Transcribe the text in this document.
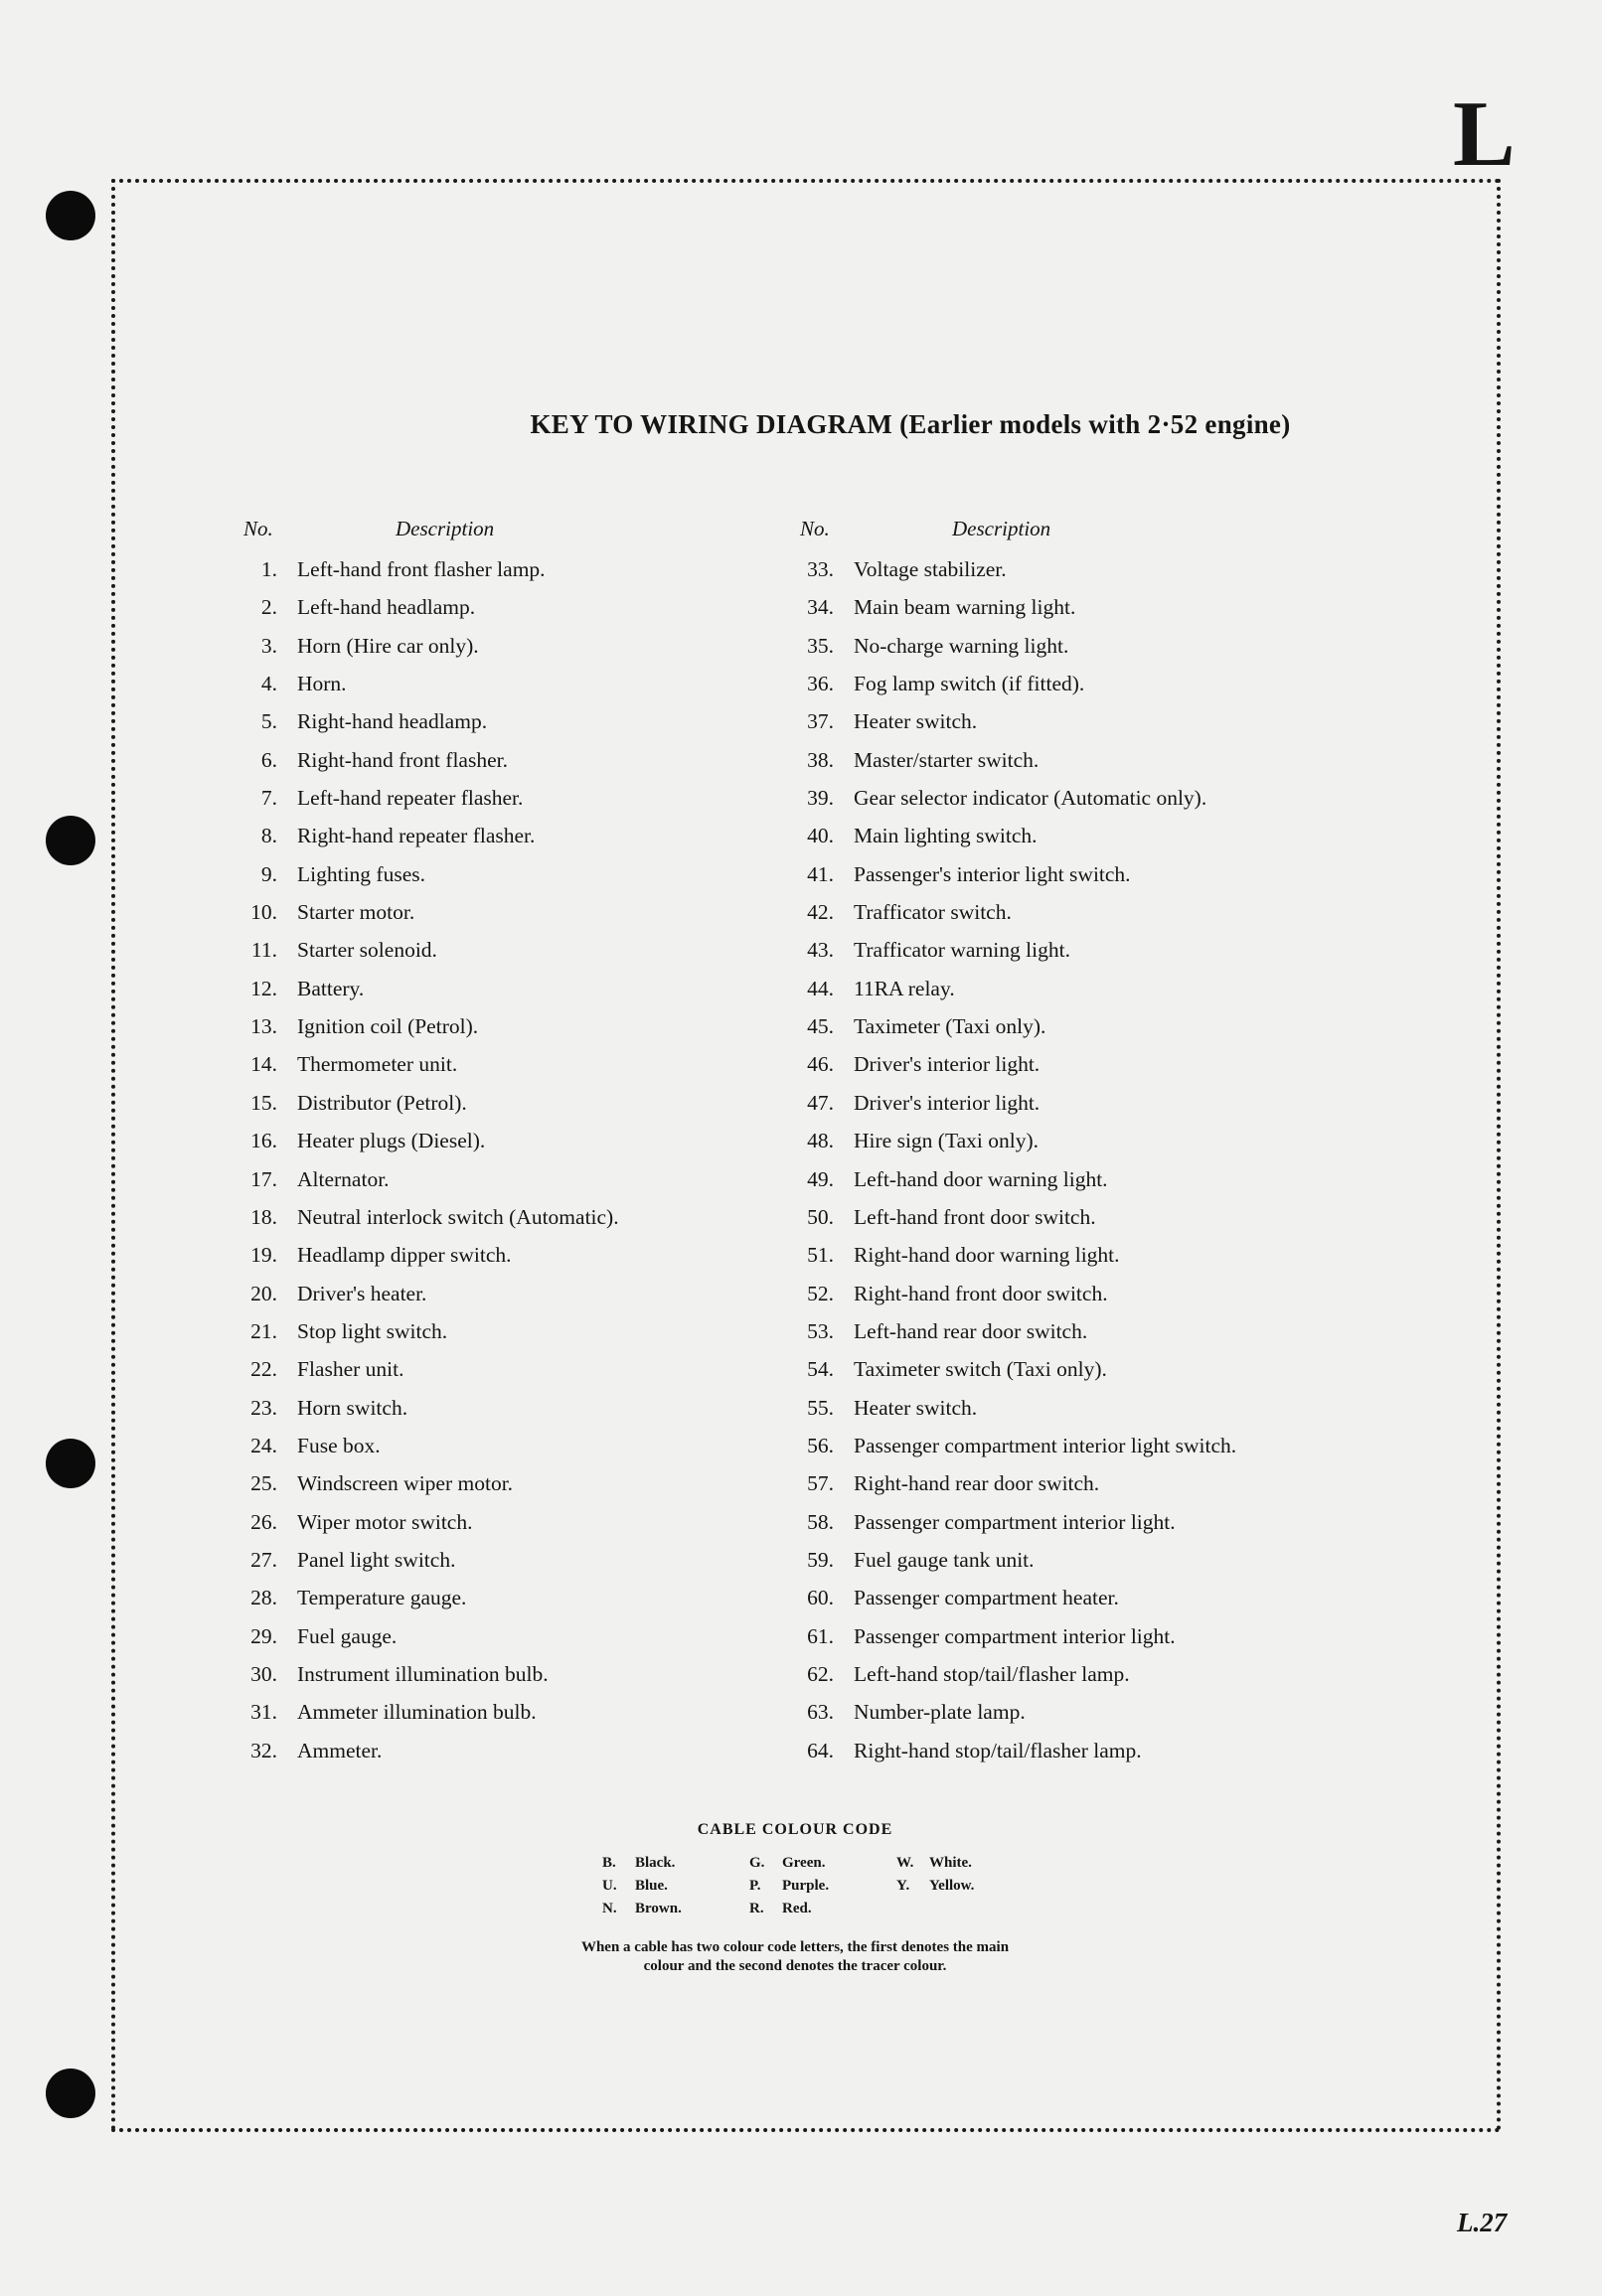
L
KEY TO WIRING DIAGRAM (Earlier models with 2·52 engine)
No.	Description
1. Left-hand front flasher lamp.
2. Left-hand headlamp.
3. Horn (Hire car only).
4. Horn.
5. Right-hand headlamp.
6. Right-hand front flasher.
7. Left-hand repeater flasher.
8. Right-hand repeater flasher.
9. Lighting fuses.
10. Starter motor.
11. Starter solenoid.
12. Battery.
13. Ignition coil (Petrol).
14. Thermometer unit.
15. Distributor (Petrol).
16. Heater plugs (Diesel).
17. Alternator.
18. Neutral interlock switch (Automatic).
19. Headlamp dipper switch.
20. Driver's heater.
21. Stop light switch.
22. Flasher unit.
23. Horn switch.
24. Fuse box.
25. Windscreen wiper motor.
26. Wiper motor switch.
27. Panel light switch.
28. Temperature gauge.
29. Fuel gauge.
30. Instrument illumination bulb.
31. Ammeter illumination bulb.
32. Ammeter.
No.	Description
33. Voltage stabilizer.
34. Main beam warning light.
35. No-charge warning light.
36. Fog lamp switch (if fitted).
37. Heater switch.
38. Master/starter switch.
39. Gear selector indicator (Automatic only).
40. Main lighting switch.
41. Passenger's interior light switch.
42. Trafficator switch.
43. Trafficator warning light.
44. 11RA relay.
45. Taximeter (Taxi only).
46. Driver's interior light.
47. Driver's interior light.
48. Hire sign (Taxi only).
49. Left-hand door warning light.
50. Left-hand front door switch.
51. Right-hand door warning light.
52. Right-hand front door switch.
53. Left-hand rear door switch.
54. Taximeter switch (Taxi only).
55. Heater switch.
56. Passenger compartment interior light switch.
57. Right-hand rear door switch.
58. Passenger compartment interior light.
59. Fuel gauge tank unit.
60. Passenger compartment heater.
61. Passenger compartment interior light.
62. Left-hand stop/tail/flasher lamp.
63. Number-plate lamp.
64. Right-hand stop/tail/flasher lamp.
CABLE COLOUR CODE
B.	Black.	G.	Green.	W.	White.
U.	Blue.	P.	Purple.	Y.	Yellow.
N.	Brown.	R.	Red.
When a cable has two colour code letters, the first denotes the main
colour and the second denotes the tracer colour.
L.27
